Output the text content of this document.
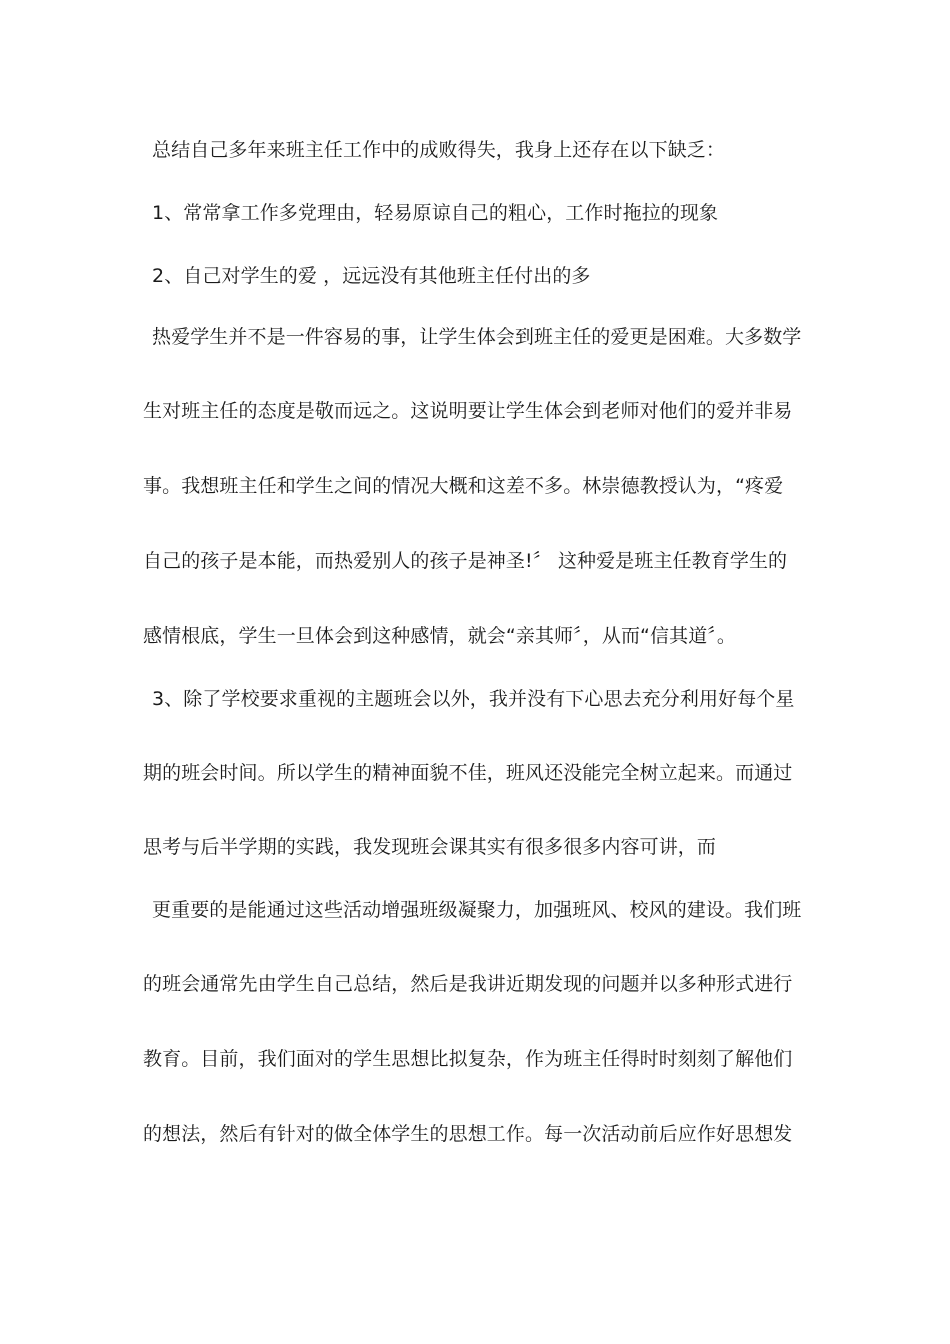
总结自己多年来班主任工作中的成败得失，我身上还存在以下缺乏：

1、常常拿工作多党理由，轻易原谅自己的粗心，工作时拖拉的现象

2、自己对学生的爱 ，远远没有其他班主任付出的多

热爱学生并不是一件容易的事，让学生体会到班主任的爱更是困难。大多数学

生对班主任的态度是敬而远之。这说明要让学生体会到老师对他们的爱并非易

事。我想班主任和学生之间的情况大概和这差不多。林崇德教授认为，“疼爱

自己的孩子是本能，而热爱别人的孩子是神圣!〞 这种爱是班主任教育学生的

感情根底，学生一旦体会到这种感情，就会“亲其师〞，从而“信其道〞。

3、除了学校要求重视的主题班会以外，我并没有下心思去充分利用好每个星

期的班会时间。所以学生的精神面貌不佳，班风还没能完全树立起来。而通过

思考与后半学期的实践，我发现班会课其实有很多很多内容可讲，而

更重要的是能通过这些活动增强班级凝聚力，加强班风、校风的建设。我们班

的班会通常先由学生自己总结，然后是我讲近期发现的问题并以多种形式进行

教育。目前，我们面对的学生思想比拟复杂，作为班主任得时时刻刻了解他们

的想法，然后有针对的做全体学生的思想工作。每一次活动前后应作好思想发
